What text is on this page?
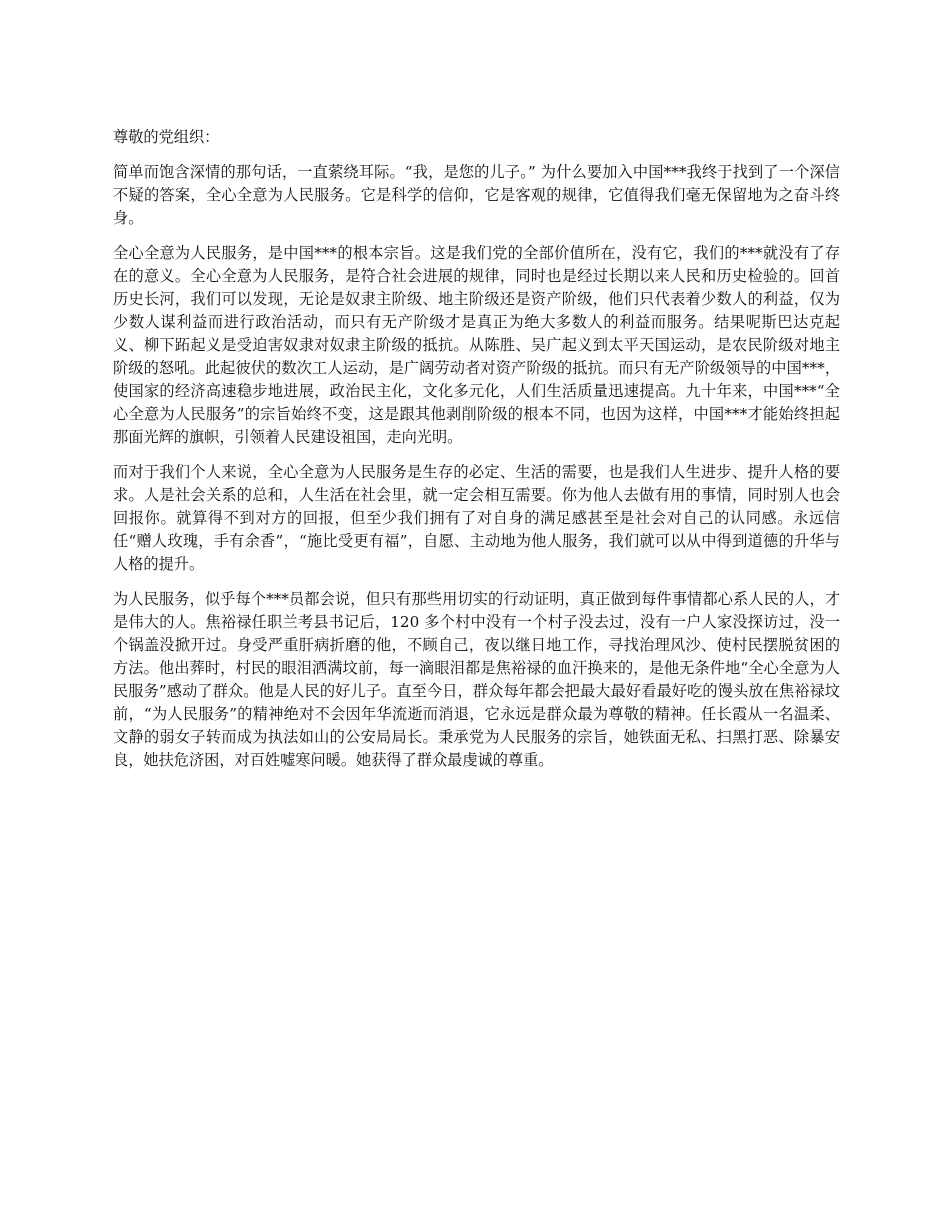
尊敬的党组织：

简单而饱含深情的那句话，一直萦绕耳际。“我，是您的儿子。” 为什么要加入中国***我终于找到了一个深信不疑的答案，全心全意为人民服务。它是科学的信仰，它是客观的规律，它值得我们毫无保留地为之奋斗终身。

全心全意为人民服务，是中国***的根本宗旨。这是我们党的全部价值所在，没有它，我们的***就没有了存在的意义。全心全意为人民服务，是符合社会进展的规律，同时也是经过长期以来人民和历史检验的。回首历史长河，我们可以发现，无论是奴隶主阶级、地主阶级还是资产阶级，他们只代表着少数人的利益，仅为少数人谋利益而进行政治活动，而只有无产阶级才是真正为绝大多数人的利益而服务。结果呢斯巴达克起义、柳下跖起义是受迫害奴隶对奴隶主阶级的抵抗。从陈胜、吴广起义到太平天国运动，是农民阶级对地主阶级的怒吼。此起彼伏的数次工人运动，是广阔劳动者对资产阶级的抵抗。而只有无产阶级领导的中国***，使国家的经济高速稳步地进展，政治民主化，文化多元化，人们生活质量迅速提高。九十年来，中国***“全心全意为人民服务”的宗旨始终不变，这是跟其他剥削阶级的根本不同，也因为这样，中国***才能始终担起那面光辉的旗帜，引领着人民建设祖国，走向光明。

而对于我们个人来说，全心全意为人民服务是生存的必定、生活的需要，也是我们人生进步、提升人格的要求。人是社会关系的总和，人生活在社会里，就一定会相互需要。你为他人去做有用的事情，同时别人也会回报你。就算得不到对方的回报，但至少我们拥有了对自身的满足感甚至是社会对自己的认同感。永远信任“赠人玫瑰，手有余香”，“施比受更有福”，自愿、主动地为他人服务，我们就可以从中得到道德的升华与人格的提升。

为人民服务，似乎每个***员都会说，但只有那些用切实的行动证明，真正做到每件事情都心系人民的人，才是伟大的人。焦裕禄任职兰考县书记后，120 多个村中没有一个村子没去过，没有一户人家没探访过，没一个锅盖没掀开过。身受严重肝病折磨的他，不顾自己，夜以继日地工作，寻找治理风沙、使村民摆脱贫困的方法。他出葬时，村民的眼泪洒满坟前，每一滴眼泪都是焦裕禄的血汗换来的，是他无条件地“全心全意为人民服务”感动了群众。他是人民的好儿子。直至今日，群众每年都会把最大最好看最好吃的馒头放在焦裕禄坟前，“为人民服务”的精神绝对不会因年华流逝而消退，它永远是群众最为尊敬的精神。任长霞从一名温柔、文静的弱女子转而成为执法如山的公安局局长。秉承党为人民服务的宗旨，她铁面无私、扫黑打恶、除暴安良，她扶危济困，对百姓嘘寒问暖。她获得了群众最虔诚的尊重。
